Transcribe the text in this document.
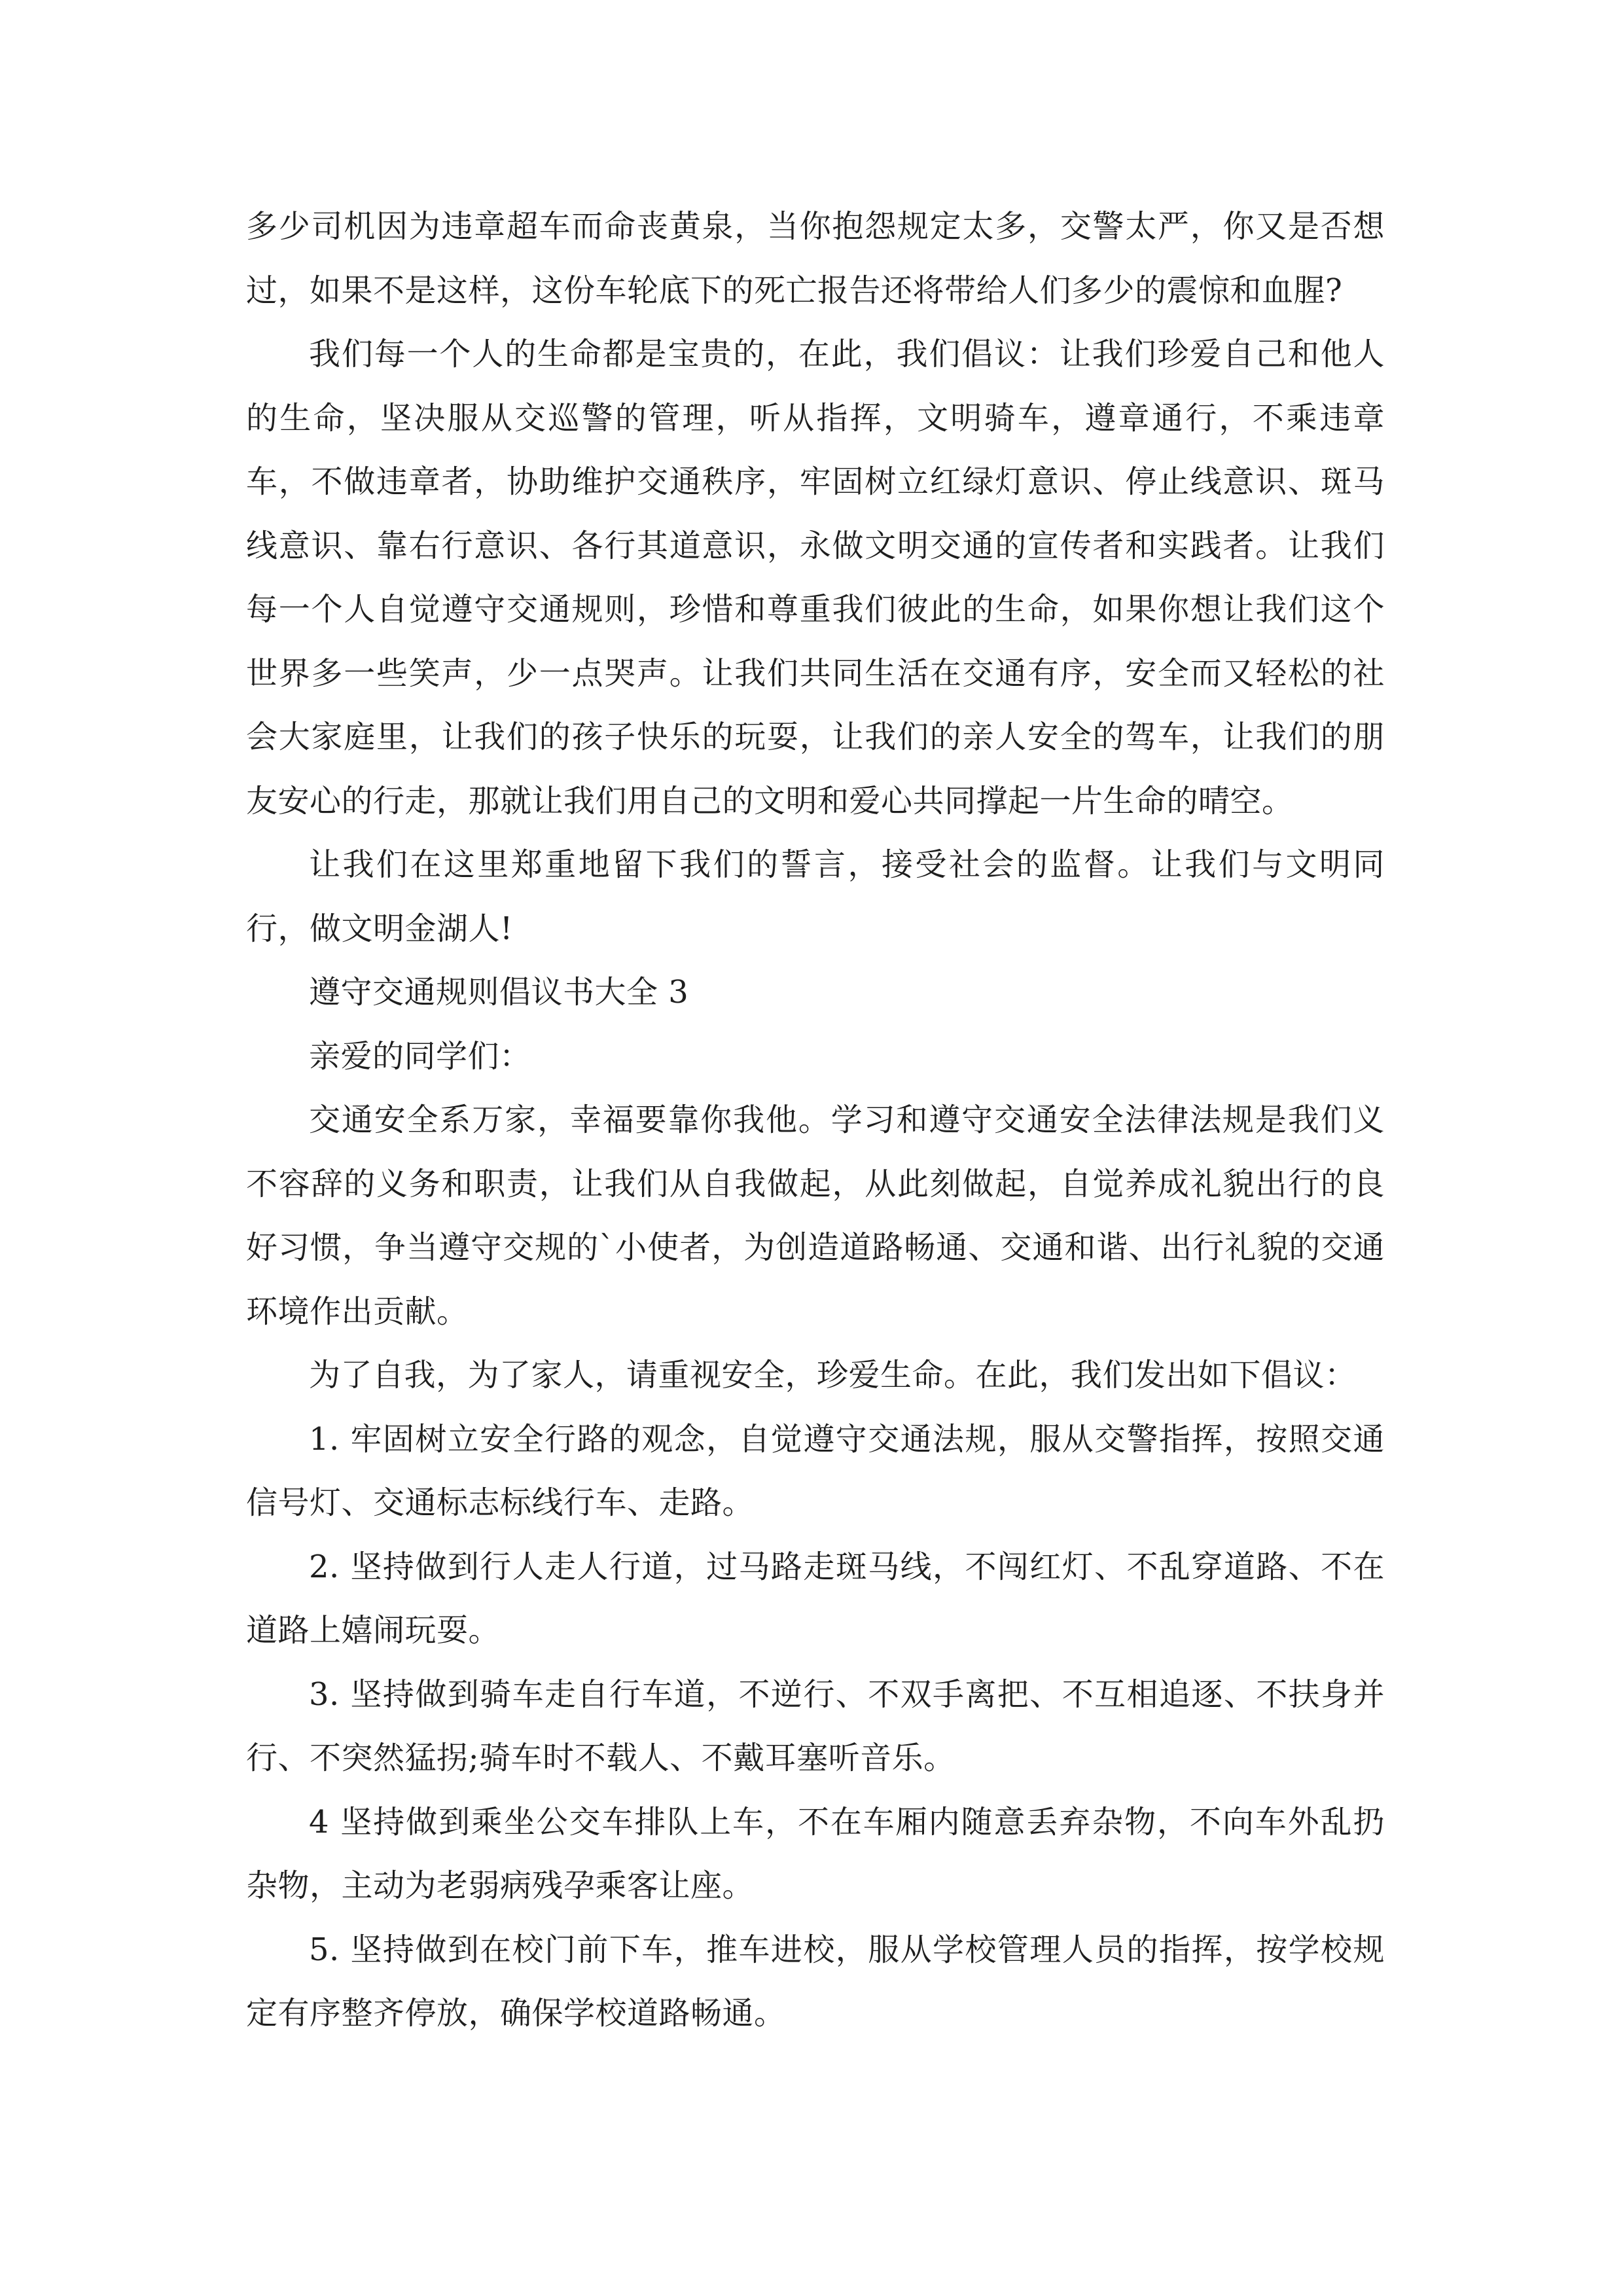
多少司机因为违章超车而命丧黄泉，当你抱怨规定太多，交警太严，你又是否想过，如果不是这样，这份车轮底下的死亡报告还将带给人们多少的震惊和血腥?

我们每一个人的生命都是宝贵的，在此，我们倡议：让我们珍爱自己和他人的生命，坚决服从交巡警的管理，听从指挥，文明骑车，遵章通行，不乘违章车，不做违章者，协助维护交通秩序，牢固树立红绿灯意识、停止线意识、斑马线意识、靠右行意识、各行其道意识，永做文明交通的宣传者和实践者。让我们每一个人自觉遵守交通规则，珍惜和尊重我们彼此的生命，如果你想让我们这个世界多一些笑声，少一点哭声。让我们共同生活在交通有序，安全而又轻松的社会大家庭里，让我们的孩子快乐的玩耍，让我们的亲人安全的驾车，让我们的朋友安心的行走，那就让我们用自己的文明和爱心共同撑起一片生命的晴空。

让我们在这里郑重地留下我们的誓言，接受社会的监督。让我们与文明同行，做文明金湖人!

遵守交通规则倡议书大全 3

亲爱的同学们：

交通安全系万家，幸福要靠你我他。学习和遵守交通安全法律法规是我们义不容辞的义务和职责，让我们从自我做起，从此刻做起，自觉养成礼貌出行的良好习惯，争当遵守交规的`小使者，为创造道路畅通、交通和谐、出行礼貌的交通环境作出贡献。

为了自我，为了家人，请重视安全，珍爱生命。在此，我们发出如下倡议：

1. 牢固树立安全行路的观念，自觉遵守交通法规，服从交警指挥，按照交通信号灯、交通标志标线行车、走路。

2. 坚持做到行人走人行道，过马路走斑马线，不闯红灯、不乱穿道路、不在道路上嬉闹玩耍。

3. 坚持做到骑车走自行车道，不逆行、不双手离把、不互相追逐、不扶身并行、不突然猛拐;骑车时不载人、不戴耳塞听音乐。

4 坚持做到乘坐公交车排队上车，不在车厢内随意丢弃杂物，不向车外乱扔杂物，主动为老弱病残孕乘客让座。

5. 坚持做到在校门前下车，推车进校，服从学校管理人员的指挥，按学校规定有序整齐停放，确保学校道路畅通。
